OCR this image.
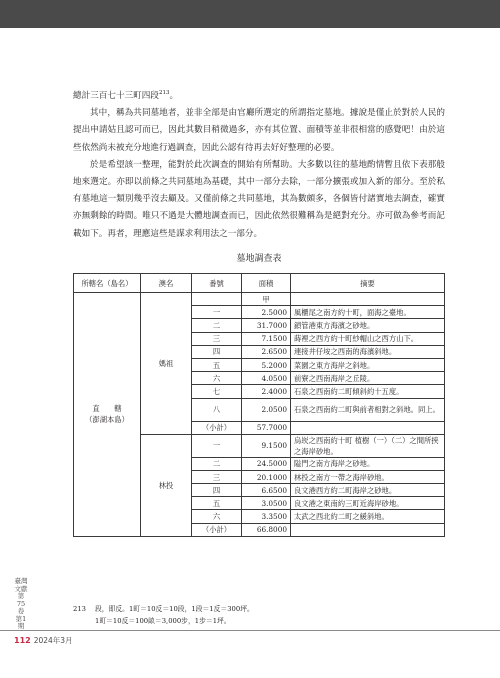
總計三百七十三町四段$^{213}$。

其中，稱為共同墓地者，並非全部是由官廳所選定的所謂指定墓地。據說是僅止於對於人民的提出申請姑且認可而已，因此其數目稍微過多，亦有其位置、面積等並非很相當的感覺吧！由於這些依然尚未被充分地進行過調查，因此公認有待再去好好整理的必要。

於是希望該一整理，能對於此次調查的開始有所幫助。大多數以往的墓地酌情暫且依下表那般地來選定。亦即以前條之共同墓地為基礎，其中一部分去除，一部分擴張或加入新的部分。至於私有墓地這一類別幾乎沒去顧及。又僅前條之共同墓地，其為數頗多，各個皆付諸實地去調查，確實亦無剩餘的時間。唯只不過是大體地調查而已，因此依然很難稱為是絕對充分。亦可做為參考而記載如下。再者，理應這些是謀求利用法之一部分。

墓地調查表
所轄名（島名）	澳名	番號	面積	摘要

直　　轄
（澎湖本島）	媽祖		甲	
		一	2.5000	風櫃尾之南方約十町，面海之臺地。
		二	31.7000	鎖管港東方海濱之砂地。
		三	7.1500	蒔裡之西方約十町紗帽山之西方山下。
		四	2.6500	連接井仔垵之西南的海濱斜地。
		五	5.2000	菜園之東方海岸之斜地。
		六	4.0500	前寮之西南海岸之丘陵。
		七	2.4000	石泉之西南約二町傾斜約十五度。
		八	2.0500	石泉之西南約二町與前者相對之斜地。同上。
		（小計）	57.7000	
	林投	一	9.1500	烏崁之西南約十町 植樹（一）（二）之間所挾之海岸砂地。
		二	24.5000	隘門之南方海岸之砂地。
		三	20.1000	林投之南方一帶之海岸砂地。
		四	6.6500	良文港西方約二町海岸之砂地。
		五	3.0500	良文港之東南約三町近海岸砂地。
		六	3.3500	太武之西北約二町之緩斜地。
		（小計）	66.8000	
213 段，即反。1町＝10反＝10段，1段＝1反＝300坪。
1町＝10反＝100畝＝3,000步，1步＝1坪。
臺灣文獻 第75卷 第1期
112 2024年3月
